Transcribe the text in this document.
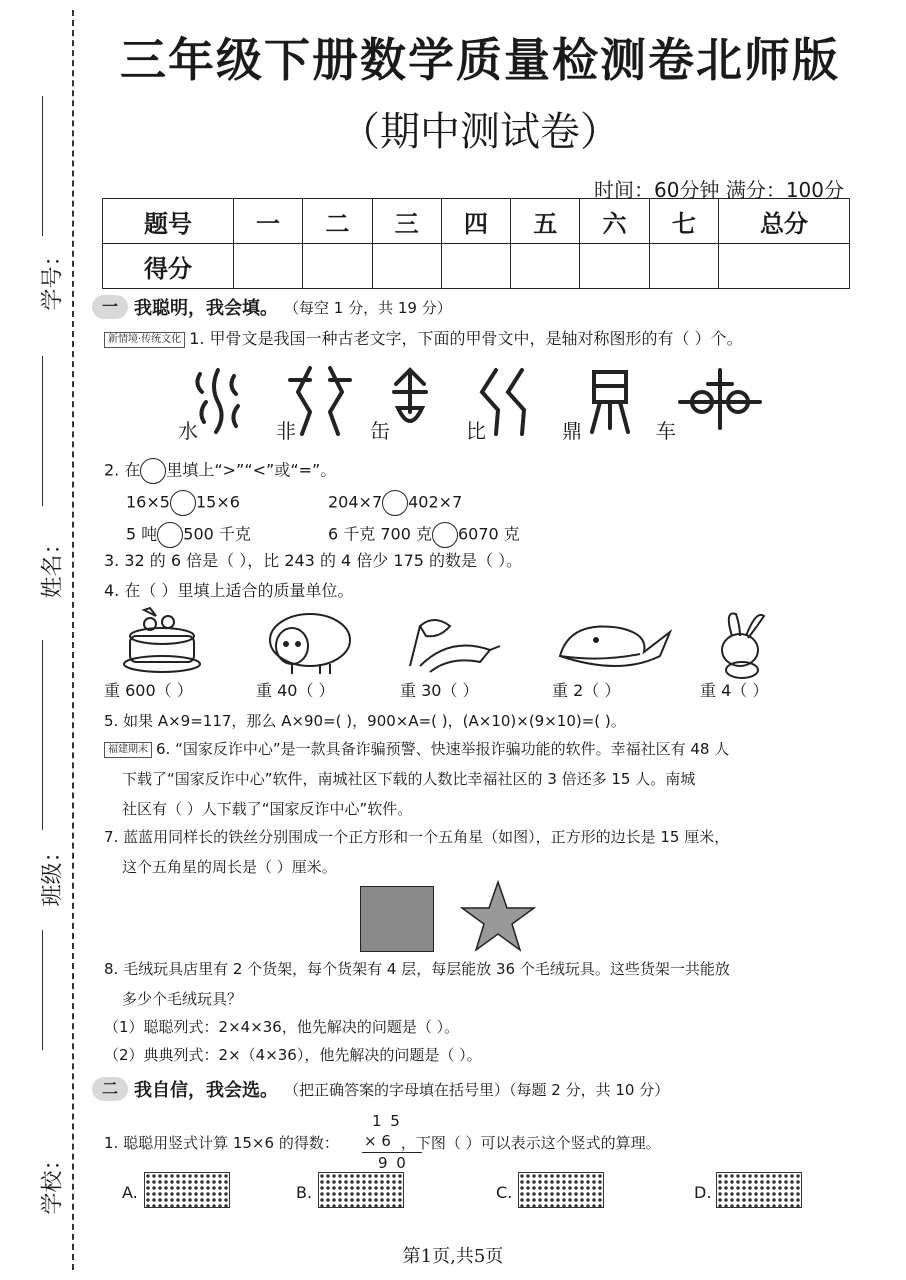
学号：
姓名：
班级：
学校：
三年级下册数学质量检测卷北师版
（期中测试卷）
时间：60分钟 满分：100分
题号	一	二	三	四	五	六	七	总分
得分								
一 我聪明，我会填。 （每空 1 分，共 19 分）
新情境·传统文化 1. 甲骨文是我国一种古老文字，下面的甲骨文中，是轴对称图形的有（ ）个。
水	非	缶	比	鼎	车
2. 在 里填上“>”“<”或“=”。
16×5 15×6	204×7 402×7
5 吨 500 千克	6 千克 700 克 6070 克
3. 32 的 6 倍是（ ），比 243 的 4 倍少 175 的数是（ ）。
4. 在（ ）里填上适合的质量单位。
重 600（ ）	重 40（ ）	重 30（ ）	重 2（ ）	重 4（ ）
5. 如果 A×9=117，那么 A×90=( )，900×A=( )，(A×10)×(9×10)=( )。
福建期末 6. “国家反诈中心”是一款具备诈骗预警、快速举报诈骗功能的软件。幸福社区有 48 人
下载了“国家反诈中心”软件，南城社区下载的人数比幸福社区的 3 倍还多 15 人。南城
社区有（ ）人下载了“国家反诈中心”软件。
7. 蓝蓝用同样长的铁丝分别围成一个正方形和一个五角星（如图），正方形的边长是 15 厘米，
这个五角星的周长是（ ）厘米。
8. 毛绒玩具店里有 2 个货架，每个货架有 4 层，每层能放 36 个毛绒玩具。这些货架一共能放
多少个毛绒玩具？
（1）聪聪列式：2×4×36，他先解决的问题是（ ）。
（2）典典列式：2×（4×36），他先解决的问题是（ ）。
二 我自信，我会选。 （把正确答案的字母填在括号里）（每题 2 分，共 10 分）
1. 聪聪用竖式计算 15×6 的得数：	，下图（ ）可以表示这个竖式的算理。
1 5
× 6
9 0
A.	B.	C.	D.
第1页,共5页
